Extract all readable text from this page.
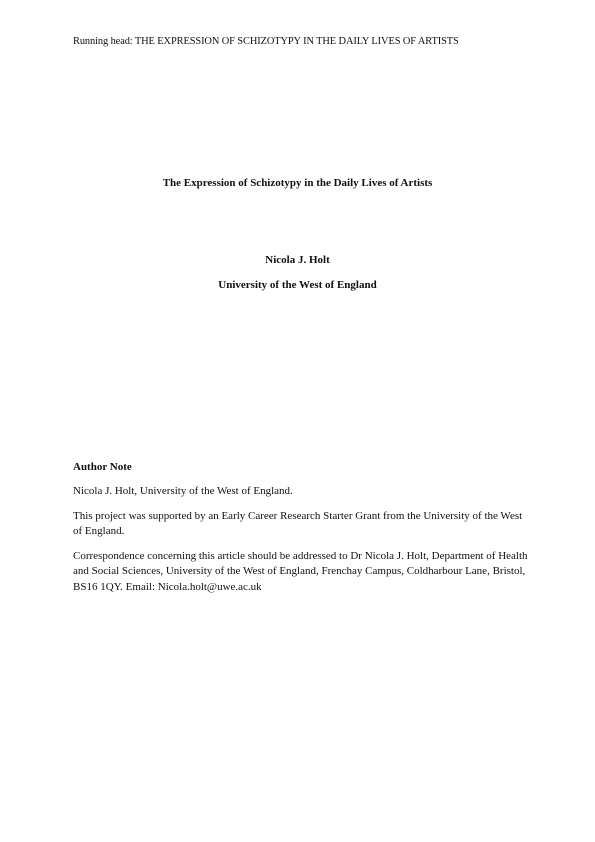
Running head: THE EXPRESSION OF SCHIZOTYPY IN THE DAILY LIVES OF ARTISTS
The Expression of Schizotypy in the Daily Lives of Artists
Nicola J. Holt
University of the West of England
Author Note

Nicola J. Holt, University of the West of England.

This project was supported by an Early Career Research Starter Grant from the University of the West of England.

Correspondence concerning this article should be addressed to Dr Nicola J. Holt, Department of Health and Social Sciences, University of the West of England, Frenchay Campus, Coldharbour Lane, Bristol, BS16 1QY. Email: Nicola.holt@uwe.ac.uk
